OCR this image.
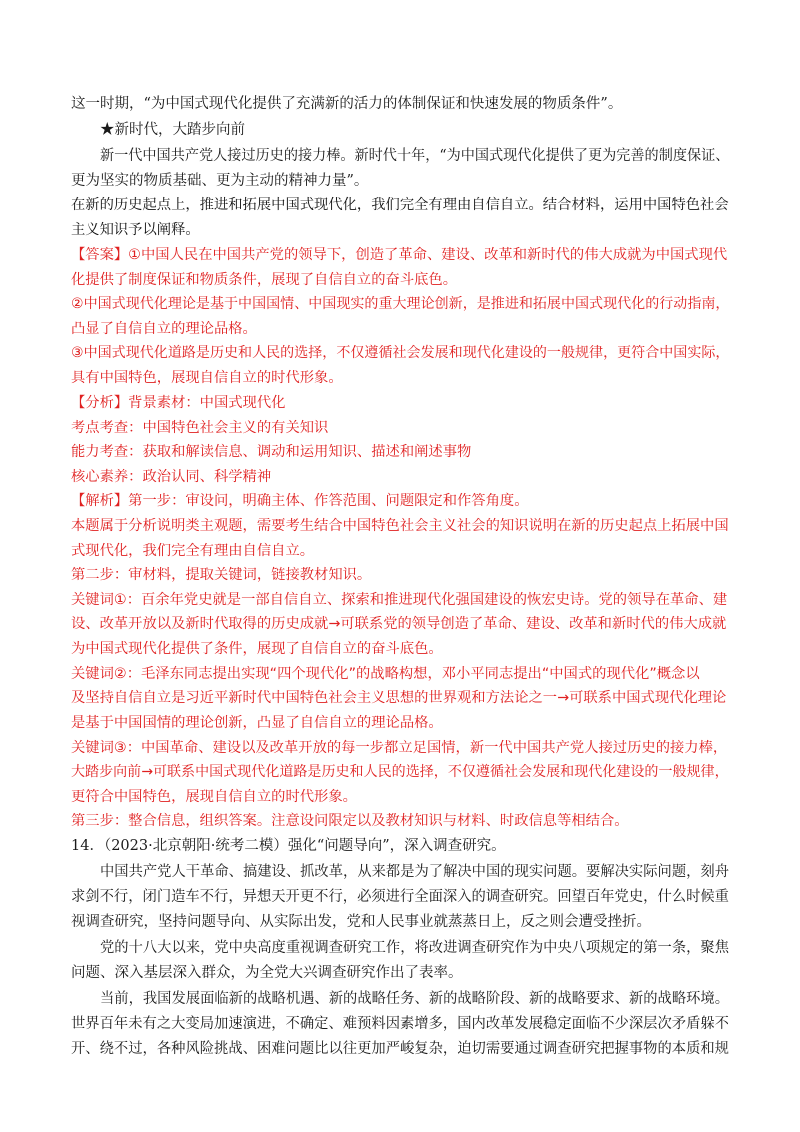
这一时期，“为中国式现代化提供了充满新的活力的体制保证和快速发展的物质条件”。
★新时代，大踏步向前
新一代中国共产党人接过历史的接力棒。新时代十年，“为中国式现代化提供了更为完善的制度保证、
更为坚实的物质基础、更为主动的精神力量”。
在新的历史起点上，推进和拓展中国式现代化，我们完全有理由自信自立。结合材料，运用中国特色社会
主义知识予以阐释。
【答案】①中国人民在中国共产党的领导下，创造了革命、建设、改革和新时代的伟大成就为中国式现代
化提供了制度保证和物质条件，展现了自信自立的奋斗底色。
②中国式现代化理论是基于中国国情、中国现实的重大理论创新，是推进和拓展中国式现代化的行动指南，
凸显了自信自立的理论品格。
③中国式现代化道路是历史和人民的选择，不仅遵循社会发展和现代化建设的一般规律，更符合中国实际，
具有中国特色，展现自信自立的时代形象。
【分析】背景素材：中国式现代化
考点考查：中国特色社会主义的有关知识
能力考查：获取和解读信息、调动和运用知识、描述和阐述事物
核心素养：政治认同、科学精神
【解析】第一步：审设问，明确主体、作答范围、问题限定和作答角度。
本题属于分析说明类主观题，需要考生结合中国特色社会主义社会的知识说明在新的历史起点上拓展中国
式现代化，我们完全有理由自信自立。
第二步：审材料，提取关键词，链接教材知识。
关键词①：百余年党史就是一部自信自立、探索和推进现代化强国建设的恢宏史诗。党的领导在革命、建
设、改革开放以及新时代取得的历史成就→可联系党的领导创造了革命、建设、改革和新时代的伟大成就
为中国式现代化提供了条件，展现了自信自立的奋斗底色。
关键词②：毛泽东同志提出实现“四个现代化”的战略构想，邓小平同志提出“中国式的现代化”概念以
及坚持自信自立是习近平新时代中国特色社会主义思想的世界观和方法论之一→可联系中国式现代化理论
是基于中国国情的理论创新，凸显了自信自立的理论品格。
关键词③：中国革命、建设以及改革开放的每一步都立足国情，新一代中国共产党人接过历史的接力棒，
大踏步向前→可联系中国式现代化道路是历史和人民的选择，不仅遵循社会发展和现代化建设的一般规律，
更符合中国特色，展现自信自立的时代形象。
第三步：整合信息，组织答案。注意设问限定以及教材知识与材料、时政信息等相结合。
14．（2023·北京朝阳·统考二模）强化“问题导向”，深入调查研究。
中国共产党人干革命、搞建设、抓改革，从来都是为了解决中国的现实问题。要解决实际问题，刻舟
求剑不行，闭门造车不行，异想天开更不行，必须进行全面深入的调查研究。回望百年党史，什么时候重
视调查研究，坚持问题导向、从实际出发，党和人民事业就蒸蒸日上，反之则会遭受挫折。
党的十八大以来，党中央高度重视调查研究工作，将改进调查研究作为中央八项规定的第一条，聚焦
问题、深入基层深入群众，为全党大兴调查研究作出了表率。
当前，我国发展面临新的战略机遇、新的战略任务、新的战略阶段、新的战略要求、新的战略环境。
世界百年未有之大变局加速演进，不确定、难预料因素增多，国内改革发展稳定面临不少深层次矛盾躲不
开、绕不过，各种风险挑战、困难问题比以往更加严峻复杂，迫切需要通过调查研究把握事物的本质和规
